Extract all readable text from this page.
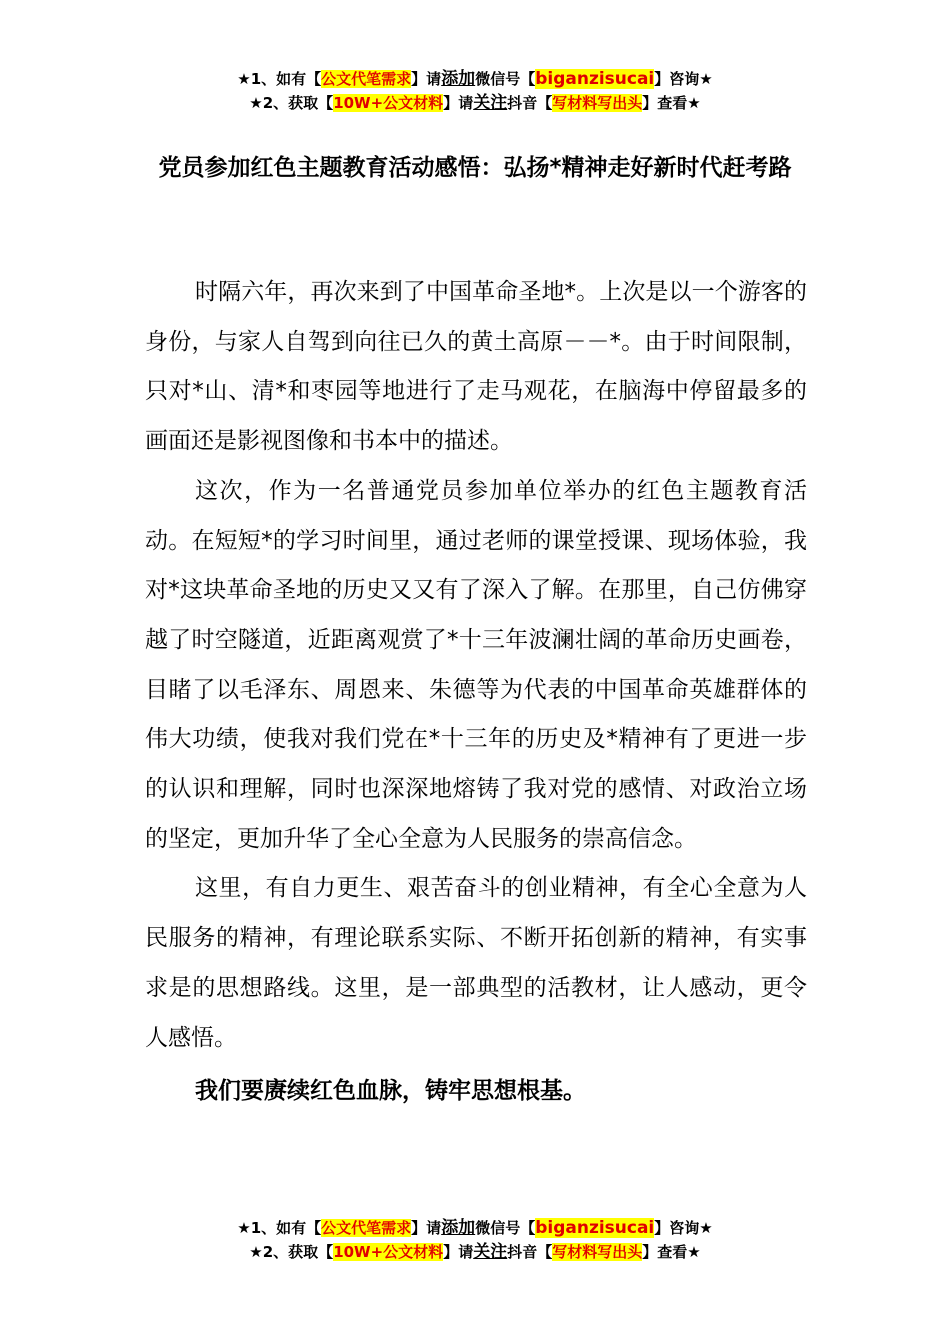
★1、如有【公文代笔需求】请添加微信号【biganzisucai】咨询★
★2、获取【10W+公文材料】请关注抖音【写材料写出头】查看★
党员参加红色主题教育活动感悟：弘扬*精神走好新时代赶考路

时隔六年，再次来到了中国革命圣地*。上次是以一个游客的身份，与家人自驾到向往已久的黄土高原－－*。由于时间限制，只对*山、清*和枣园等地进行了走马观花，在脑海中停留最多的画面还是影视图像和书本中的描述。

这次，作为一名普通党员参加单位举办的红色主题教育活动。在短短*的学习时间里，通过老师的课堂授课、现场体验，我对*这块革命圣地的历史又又有了深入了解。在那里，自己仿佛穿越了时空隧道，近距离观赏了*十三年波澜壮阔的革命历史画卷，目睹了以毛泽东、周恩来、朱德等为代表的中国革命英雄群体的伟大功绩，使我对我们党在*十三年的历史及*精神有了更进一步的认识和理解，同时也深深地熔铸了我对党的感情、对政治立场的坚定，更加升华了全心全意为人民服务的崇高信念。

这里，有自力更生、艰苦奋斗的创业精神，有全心全意为人民服务的精神，有理论联系实际、不断开拓创新的精神，有实事求是的思想路线。这里，是一部典型的活教材，让人感动，更令人感悟。

我们要赓续红色血脉，铸牢思想根基。

★1、如有【公文代笔需求】请添加微信号【biganzisucai】咨询★
★2、获取【10W+公文材料】请关注抖音【写材料写出头】查看★
